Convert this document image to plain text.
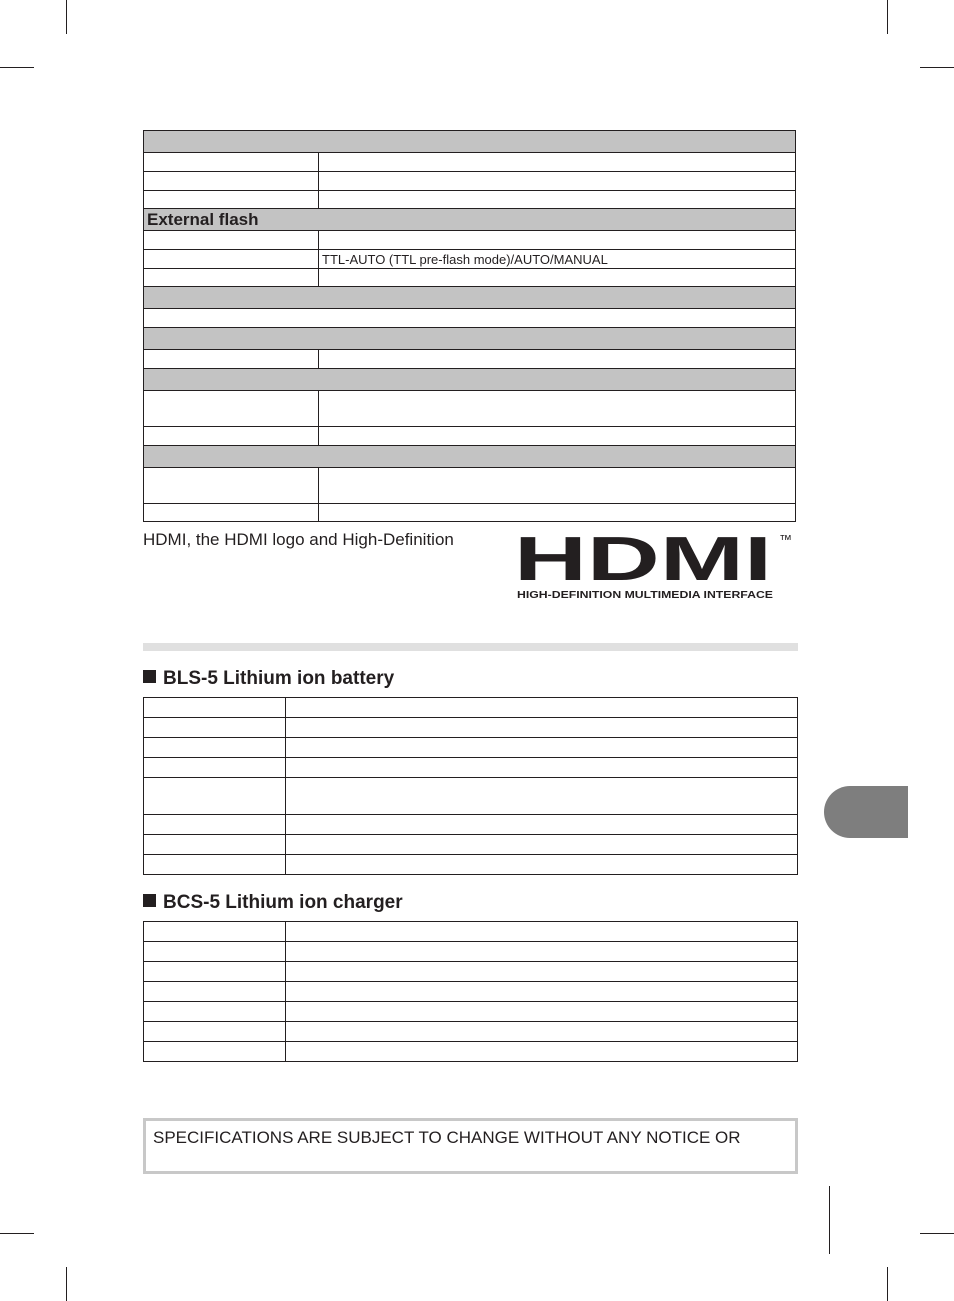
External flash	

	TTL-AUTO (TTL pre-flash mode)/AUTO/MANUAL

HDMI, the HDMI logo and High-Definition HDMI ™
HIGH-DEFINITION MULTIMEDIA INTERFACE
BLS-5 Lithium ion battery

BCS-5 Lithium ion charger

SPECIFICATIONS ARE SUBJECT TO CHANGE WITHOUT ANY NOTICE OR
